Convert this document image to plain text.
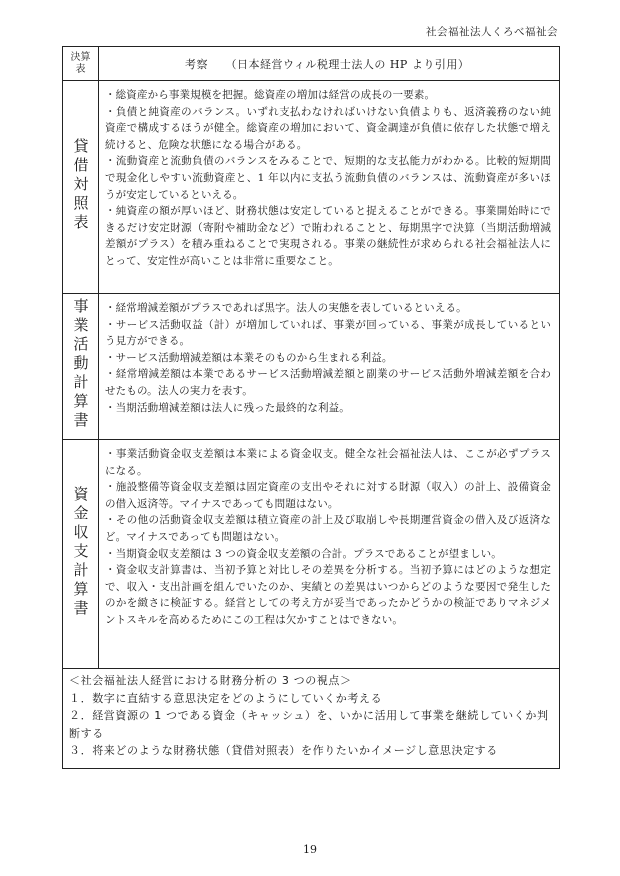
社会福祉法人くろべ福祉会
決算
表	考察　　（日本経営ウィル税理士法人の HP より引用）
貸借対照表	・総資産から事業規模を把握。総資産の増加は経営の成長の一要素。

・負債と純資産のバランス。いずれ支払わなければいけない負債よりも、返済義務のない純資産で構成するほうが健全。総資産の増加において、資金調達が負債に依存した状態で増え続けると、危険な状態になる場合がある。

・流動資産と流動負債のバランスをみることで、短期的な支払能力がわかる。比較的短期間で現金化しやすい流動資産と、1 年以内に支払う流動負債のバランスは、流動資産が多いほうが安定しているといえる。

・純資産の額が厚いほど、財務状態は安定していると捉えることができる。事業開始時にできるだけ安定財源（寄附や補助金など）で賄われることと、毎期黒字で決算（当期活動増減差額がプラス）を積み重ねることで実現される。事業の継続性が求められる社会福祉法人にとって、安定性が高いことは非常に重要なこと。

事業活動計算書	・経常増減差額がプラスであれば黒字。法人の実態を表しているといえる。

・サービス活動収益（計）が増加していれば、事業が回っている、事業が成長しているという見方ができる。

・サービス活動増減差額は本業そのものから生まれる利益。

・経常増減差額は本業であるサービス活動増減差額と副業のサービス活動外増減差額を合わせたもの。法人の実力を表す。

・当期活動増減差額は法人に残った最終的な利益。

資金収支計算書	・事業活動資金収支差額は本業による資金収支。健全な社会福祉法人は、ここが必ずプラスになる。

・施設整備等資金収支差額は固定資産の支出やそれに対する財源（収入）の計上、設備資金の借入返済等。マイナスであっても問題はない。

・その他の活動資金収支差額は積立資産の計上及び取崩しや長期運営資金の借入及び返済など。マイナスであっても問題はない。

・当期資金収支差額は 3 つの資金収支差額の合計。プラスであることが望ましい。

・資金収支計算書は、当初予算と対比しその差異を分析する。当初予算にはどのような想定で、収入・支出計画を組んでいたのか、実績との差異はいつからどのような要因で発生したのかを緻さに検証する。経営としての考え方が妥当であったかどうかの検証でありマネジメントスキルを高めるためにこの工程は欠かすことはできない。

＜社会福祉法人経営における財務分析の 3 つの視点＞

１．数字に直結する意思決定をどのようにしていくか考える

２．経営資源の 1 つである資金（キャッシュ）を、いかに活用して事業を継続していくか判断する

３．将来どのような財務状態（貸借対照表）を作りたいかイメージし意思決定する

19
